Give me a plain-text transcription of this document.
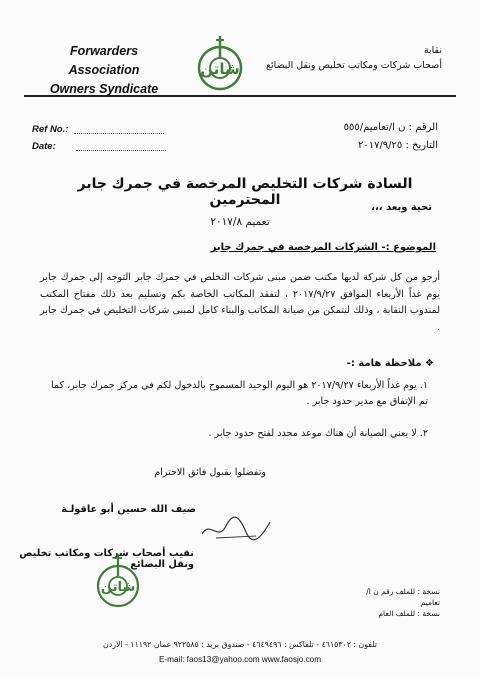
Forwarders Association
Owners Syndicate
شاتن
نقابة
أصحاب شركات ومكاتب تخليص ونقل البضائع
Ref No.:
Date:
الرقم : ن ا/تعاميم/٥٥٥
التاريخ : ٢٠١٧/٩/٢٥
السادة شركات التخليص المرخصة في جمرك جابر المحترمين	تحية وبعد ،،،
تعميم ٢٠١٧/٨
الموضوع :- الشركات المرخصة في جمرك جابر
أرجو من كل شركة لديها مكتب ضمن مبنى شركات التخلص في جمرك جابر التوجه إلى جمرك جابر يوم غداً الأربعاء الموافق ٢٠١٧/٩/٢٧ ، لتفقد المكاتب الخاصة بكم وتسليم بعد ذلك مفتاح المكتب لمندوب النقابة ، وذلك لنتمكن من صيانة المكاتب والبناء كامل لمبنى شركات التخليص في جمرك جابر .
❖ ملاحظة هامة :-
١. يوم غداً الأربعاء ٢٠١٧/٩/٢٧ هو اليوم الوحيد المسموح بالدخول لكم في مركز جمرك جابر، كما تم الإتفاق مع مدير حدود جابر .
٢. لا يعني الصيانة أن هناك موعد محدد لفتح حدود جابر .
وتفضلوا بقبول فائق الاحترام
ضيف الله حسين أبو عاقولـة
نقيب أصحاب شركات ومكاتب تخليص ونقل البضائع
شاتن	نسخة : للملف رقم ن ا/تعاميم
نسخة : للملف العام
تلفون : ٤٦١٥٣٠٢ - تلفاكس : ٤٦٤٩٤٩٦ - صندوق بريد : ٩٢٢٥٨٥ عمان ١١١٩٢ - الاردن
E-mail: faos13@yahoo.com www.faosjo.com
